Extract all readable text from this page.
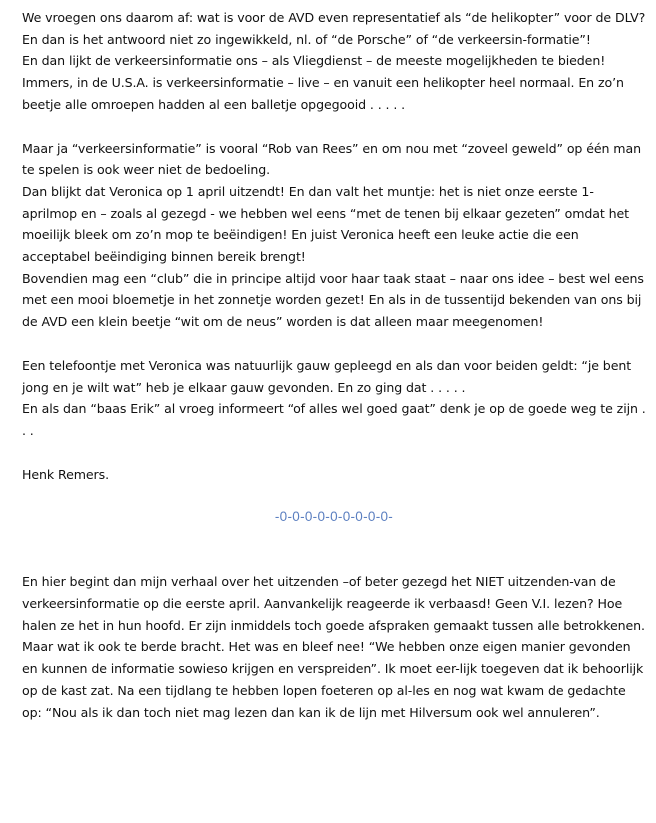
We vroegen ons daarom af: wat is voor de AVD even representatief als “de helikopter” voor de DLV? En dan is het antwoord niet zo ingewikkeld, nl. of “de Porsche” of “de verkeersin-formatie”!

En dan lijkt de verkeersinformatie ons – als Vliegdienst – de meeste mogelijkheden te bieden! Immers, in de U.S.A. is verkeersinformatie – live – en vanuit een helikopter heel normaal. En zo’n beetje alle omroepen hadden al een balletje opgegooid . . . . .

Maar ja “verkeersinformatie” is vooral “Rob van Rees” en om nou met “zoveel geweld” op één man te spelen is ook weer niet de bedoeling.

Dan blijkt dat Veronica op 1 april uitzendt! En dan valt het muntje: het is niet onze eerste 1-aprilmop en – zoals al gezegd - we hebben wel eens “met de tenen bij elkaar gezeten” omdat het moeilijk bleek om zo’n mop te beëindigen! En juist Veronica heeft een leuke actie die een acceptabel beëindiging binnen bereik brengt!

Bovendien mag een “club” die in principe altijd voor haar taak staat – naar ons idee – best wel eens met een mooi bloemetje in het zonnetje worden gezet! En als in de tussentijd bekenden van ons bij de AVD een klein beetje “wit om de neus” worden is dat alleen maar meegenomen!

Een telefoontje met Veronica was natuurlijk gauw gepleegd en als dan voor beiden geldt: “je bent jong en je wilt wat” heb je elkaar gauw gevonden. En zo ging dat . . . . .

En als dan “baas Erik” al vroeg informeert “of alles wel goed gaat” denk je op de goede weg te zijn . . .

Henk Remers.

-0-0-0-0-0-0-0-0-0-

En hier begint dan mijn verhaal over het uitzenden –of beter gezegd het NIET uitzenden-van de verkeersinformatie op die eerste april. Aanvankelijk reageerde ik verbaasd! Geen V.I. lezen? Hoe halen ze het in hun hoofd. Er zijn inmiddels toch goede afspraken gemaakt tussen alle betrokkenen. Maar wat ik ook te berde bracht. Het was en bleef nee! “We hebben onze eigen manier gevonden en kunnen de informatie sowieso krijgen en verspreiden”. Ik moet eer-lijk toegeven dat ik behoorlijk op de kast zat. Na een tijdlang te hebben lopen foeteren op al-les en nog wat kwam de gedachte op: “Nou als ik dan toch niet mag lezen dan kan ik de lijn met Hilversum ook wel annuleren”.
